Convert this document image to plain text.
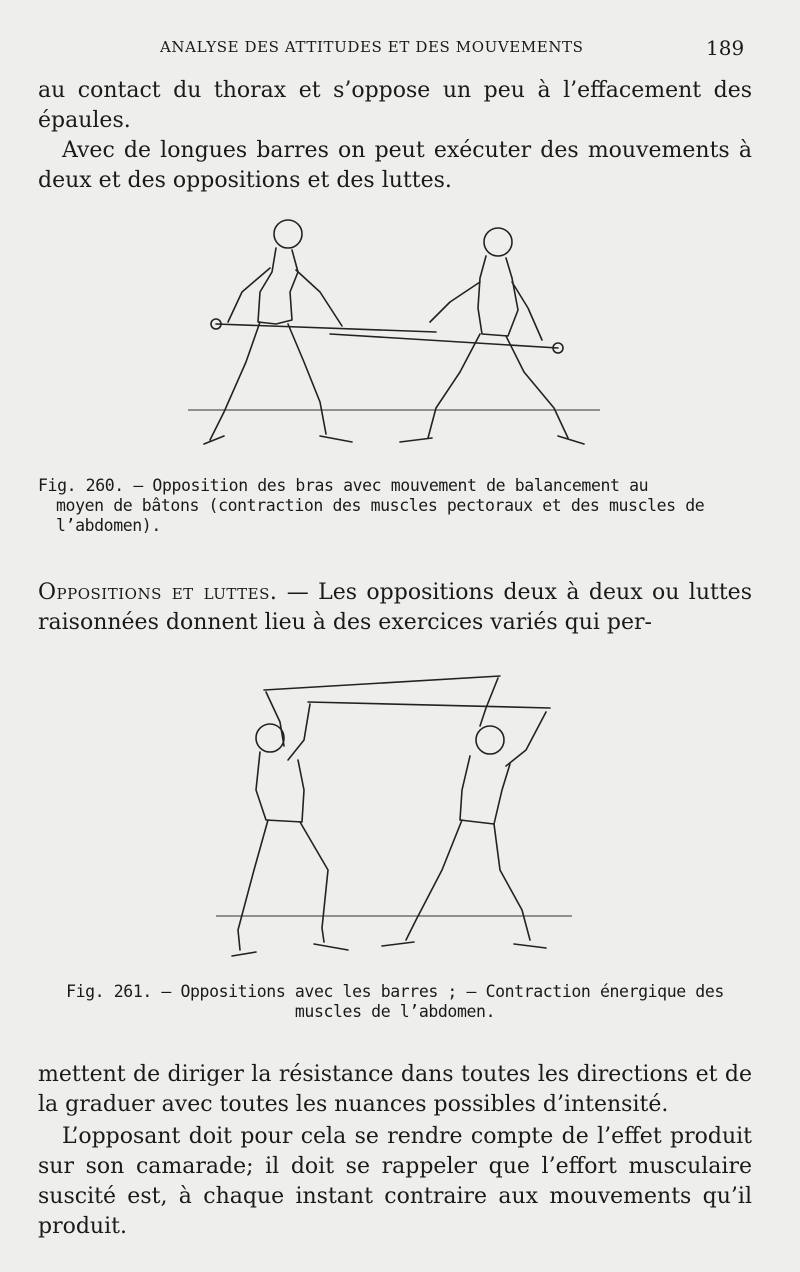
ANALYSE DES ATTITUDES ET DES MOUVEMENTS	189

au contact du thorax et s’oppose un peu à l’effacement des épaules.

Avec de longues barres on peut exécuter des mouvements à deux et des oppositions et des luttes.

Fig. 260. — Opposition des bras avec mouvement de balancement au

moyen de bâtons (contraction des muscles pectoraux et des muscles de
l’abdomen).

Oppositions et luttes. — Les oppositions deux à deux ou luttes raisonnées donnent lieu à des exercices variés qui per-

Fig. 261. — Oppositions avec les barres ; — Contraction énergique des
muscles de l’abdomen.

mettent de diriger la résistance dans toutes les directions et de la graduer avec toutes les nuances possibles d’intensité.

L’opposant doit pour cela se rendre compte de l’effet produit sur son camarade; il doit se rappeler que l’effort musculaire suscité est, à chaque instant contraire aux mouvements qu’il produit.
